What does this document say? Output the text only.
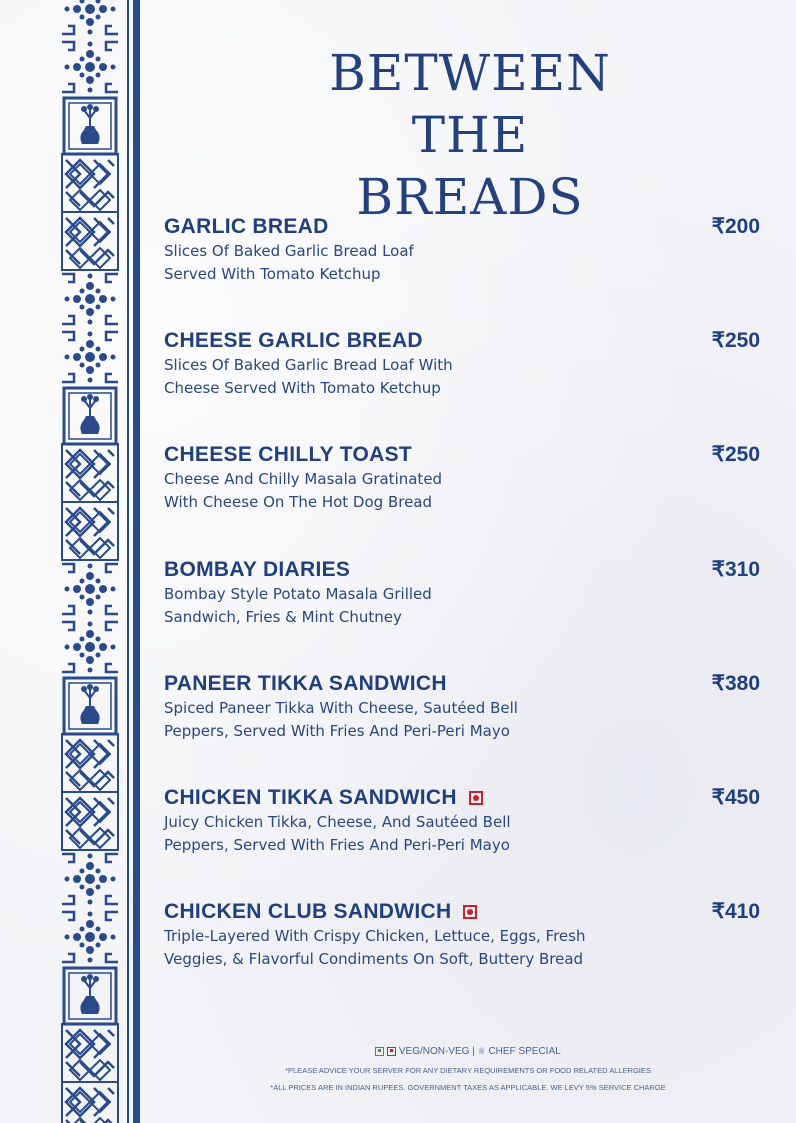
BETWEEN THE
BREADS
GARLIC BREAD	₹200
Slices Of Baked Garlic Bread Loaf
Served With Tomato Ketchup
CHEESE GARLIC BREAD	₹250
Slices Of Baked Garlic Bread Loaf With
Cheese Served With Tomato Ketchup
CHEESE CHILLY TOAST	₹250
Cheese And Chilly Masala Gratinated
With Cheese On The Hot Dog Bread
BOMBAY DIARIES	₹310
Bombay Style Potato Masala Grilled
Sandwich, Fries & Mint Chutney
PANEER TIKKA SANDWICH	₹380
Spiced Paneer Tikka With Cheese, Sautéed Bell
Peppers, Served With Fries And Peri-Peri Mayo
CHICKEN TIKKA SANDWICH	₹450
Juicy Chicken Tikka, Cheese, And Sautéed Bell
Peppers, Served With Fries And Peri-Peri Mayo
CHICKEN CLUB SANDWICH	₹410
Triple-Layered With Crispy Chicken, Lettuce, Eggs, Fresh
Veggies, & Flavorful Condiments On Soft, Buttery Bread
VEG/NON-VEG | ♕ CHEF SPECIAL
*PLEASE ADVICE YOUR SERVER FOR ANY DIETARY REQUIREMENTS OR FOOD RELATED ALLERGIES
*ALL PRICES ARE IN INDIAN RUPEES. GOVERNMENT TAXES AS APPLICABLE. WE LEVY 5% SERVICE CHARGE
